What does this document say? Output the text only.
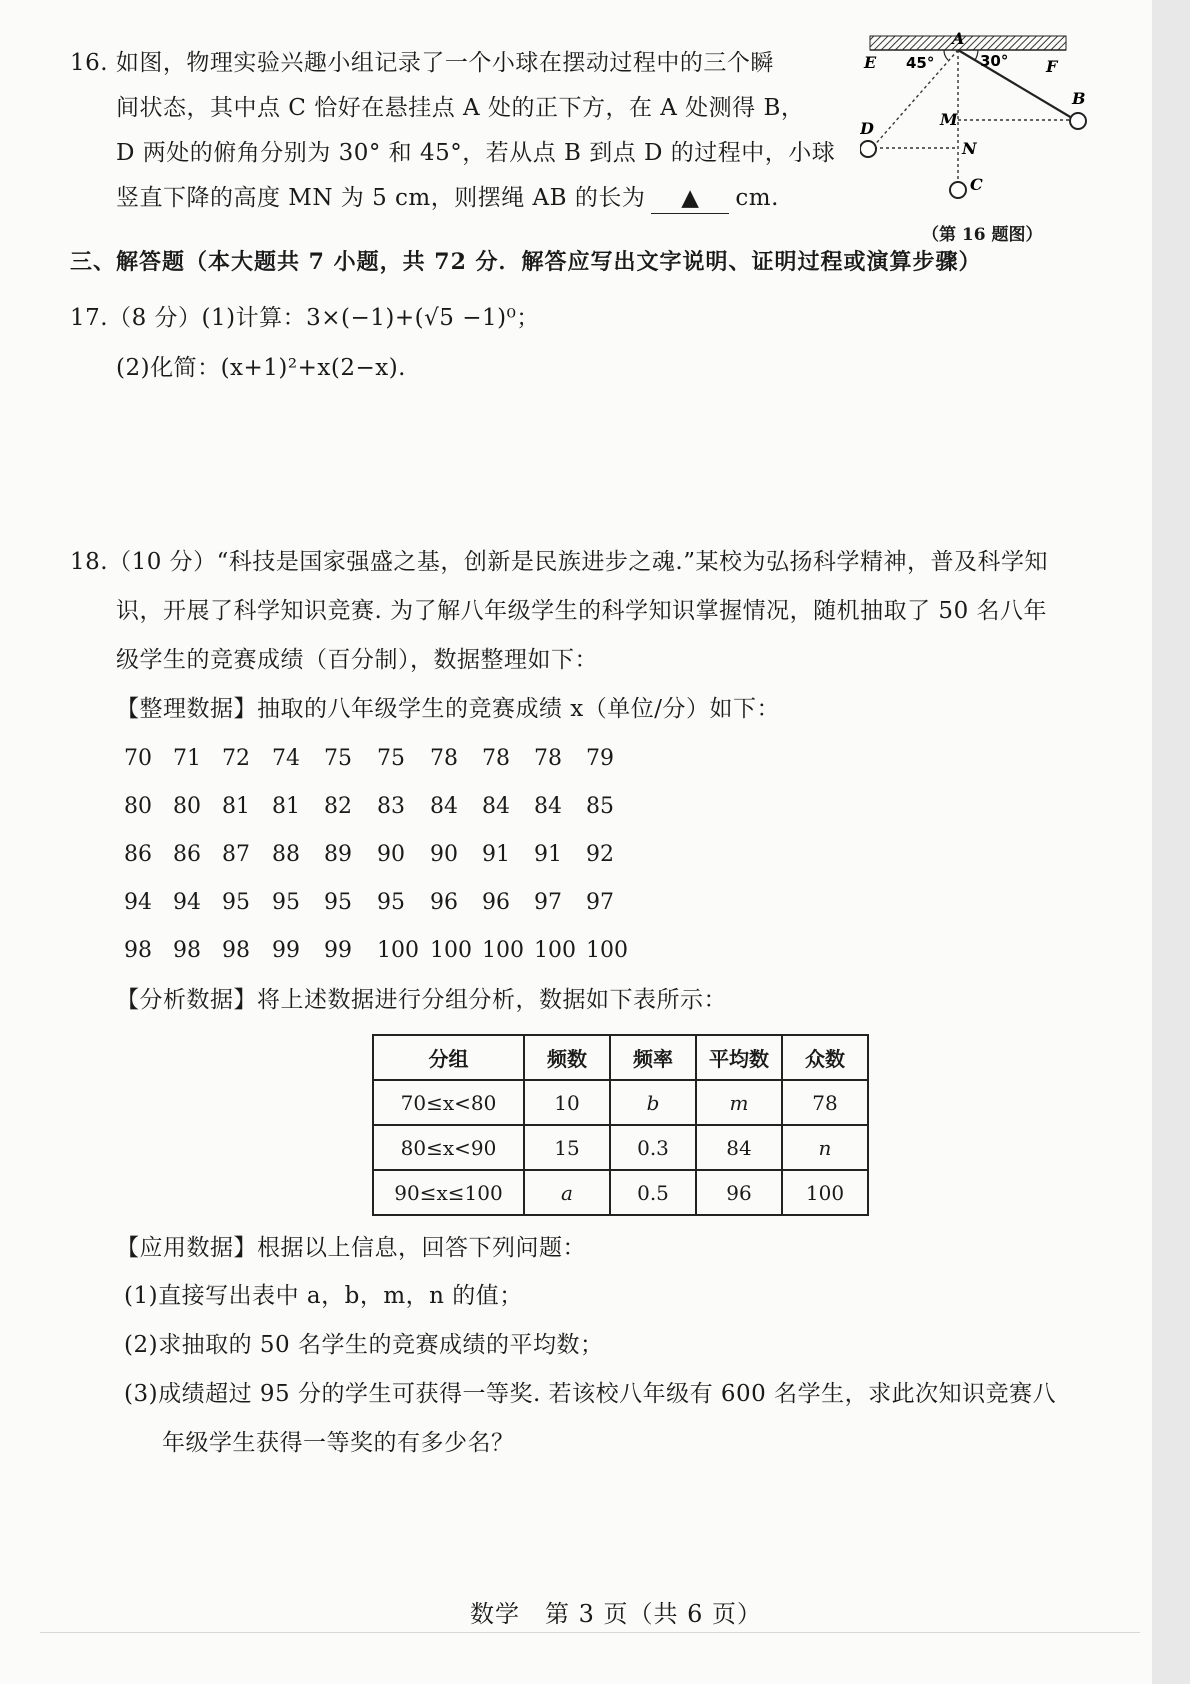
16. 如图，物理实验兴趣小组记录了一个小球在摆动过程中的三个瞬
间状态，其中点 C 恰好在悬挂点 A 处的正下方，在 A 处测得 B，
D 两处的俯角分别为 30° 和 45°，若从点 B 到点 D 的过程中，小球
竖直下降的高度 MN 为 5 cm，则摆绳 AB 的长为 ▲ cm.
A
E	F
45°	30°
B
D	M
N
C
（第 16 题图）
三、解答题（本大题共 7 小题，共 72 分．解答应写出文字说明、证明过程或演算步骤）
17.（8 分）(1)计算：3×(−1)+(√5 −1)⁰；
(2)化简：(x+1)²+x(2−x).
18.（10 分）“科技是国家强盛之基，创新是民族进步之魂.”某校为弘扬科学精神，普及科学知
识，开展了科学知识竞赛. 为了解八年级学生的科学知识掌握情况，随机抽取了 50 名八年
级学生的竞赛成绩（百分制），数据整理如下：
【整理数据】抽取的八年级学生的竞赛成绩 x（单位/分）如下：
70 71 72 74 75 75 78 78 78 79
80 80 81 81 82 83 84 84 84 85
86 86 87 88 89 90 90 91 91 92
94 94 95 95 95 95 96 96 97 97
98 98 98 99 99 100 100 100 100 100
【分析数据】将上述数据进行分组分析，数据如下表所示：
分组	频数	频率	平均数	众数
70≤x<80	10	b	m	78
80≤x<90	15	0.3	84	n
90≤x≤100	a	0.5	96	100
【应用数据】根据以上信息，回答下列问题：
(1)直接写出表中 a，b，m，n 的值；
(2)求抽取的 50 名学生的竞赛成绩的平均数；
(3)成绩超过 95 分的学生可获得一等奖. 若该校八年级有 600 名学生，求此次知识竞赛八
年级学生获得一等奖的有多少名？
数学　第 3 页（共 6 页）
